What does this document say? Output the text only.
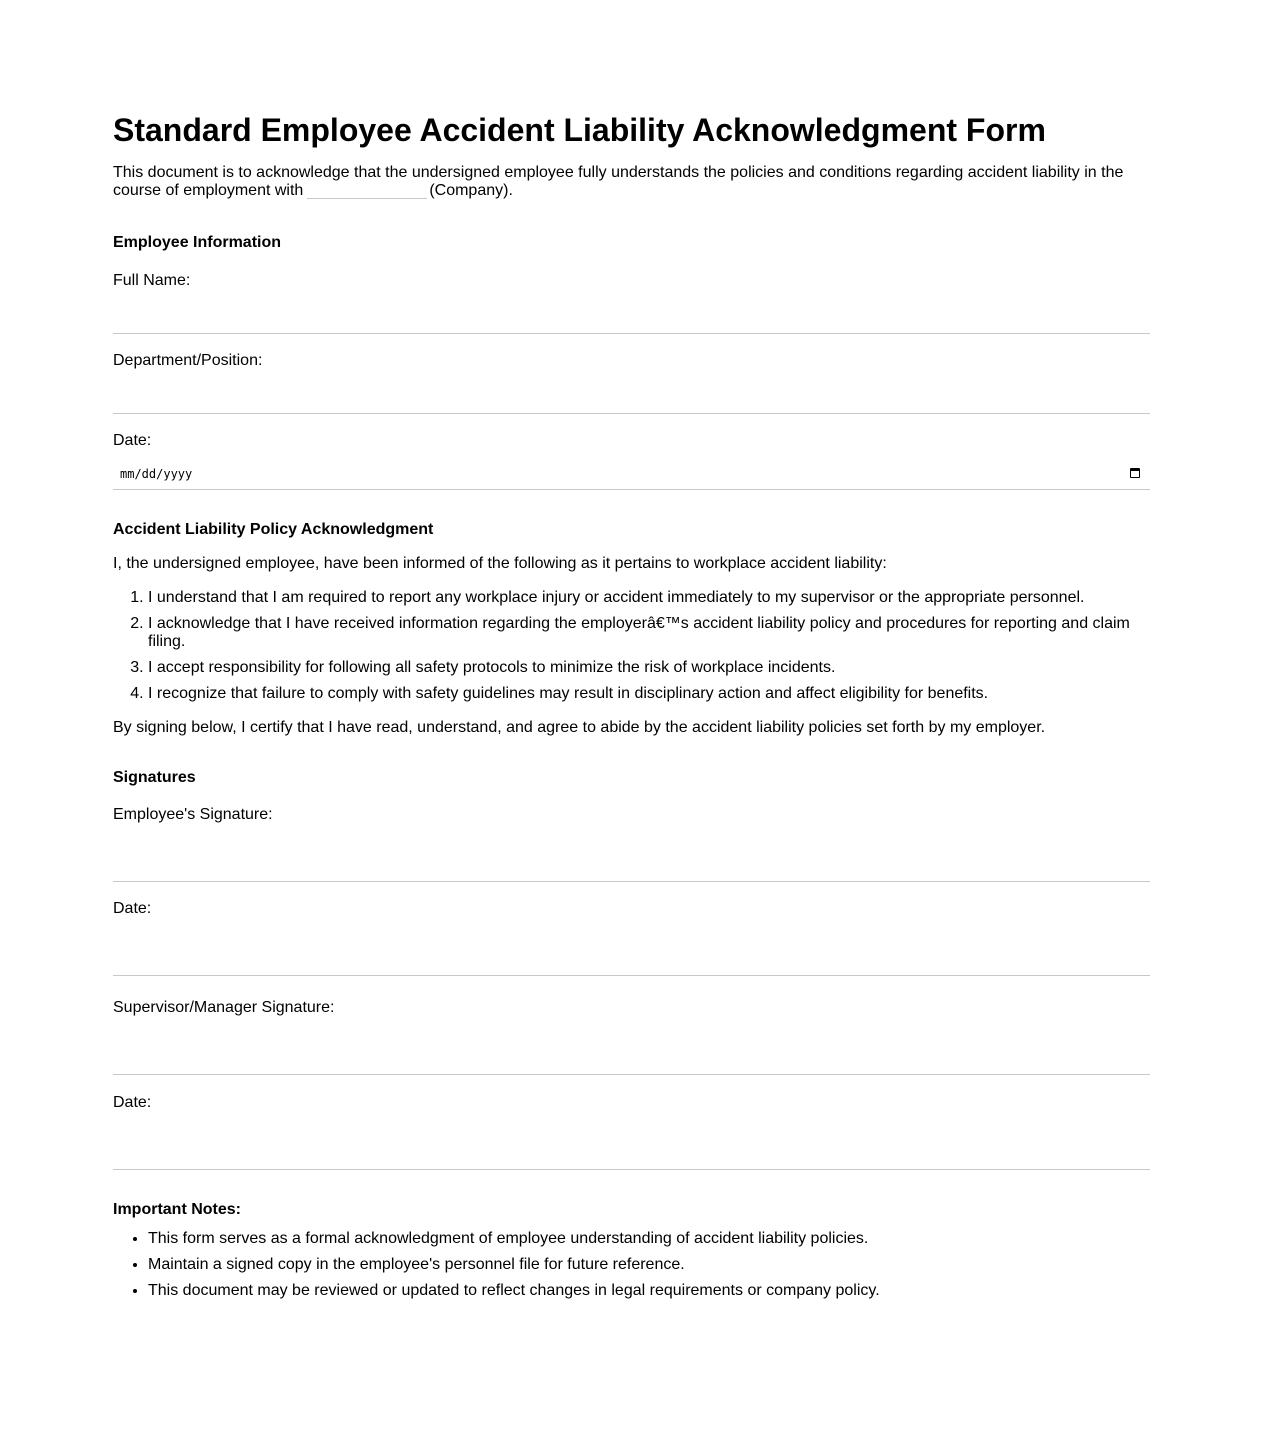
Standard Employee Accident Liability Acknowledgment Form
This document is to acknowledge that the undersigned employee fully understands the policies and conditions regarding accident liability in the course of employment with	(Company).
Employee Information
Full Name:
Department/Position:
Date:
mm/dd/yyyy
Accident Liability Policy Acknowledgment
I, the undersigned employee, have been informed of the following as it pertains to workplace accident liability:
1. I understand that I am required to report any workplace injury or accident immediately to my supervisor or the appropriate personnel.
2. I acknowledge that I have received information regarding the employerâ€™s accident liability policy and procedures for reporting and claim filing.
3. I accept responsibility for following all safety protocols to minimize the risk of workplace incidents.
4. I recognize that failure to comply with safety guidelines may result in disciplinary action and affect eligibility for benefits.
By signing below, I certify that I have read, understand, and agree to abide by the accident liability policies set forth by my employer.
Signatures
Employee's Signature:
Date:
Supervisor/Manager Signature:
Date:
Important Notes:
• This form serves as a formal acknowledgment of employee understanding of accident liability policies.
• Maintain a signed copy in the employee's personnel file for future reference.
• This document may be reviewed or updated to reflect changes in legal requirements or company policy.
